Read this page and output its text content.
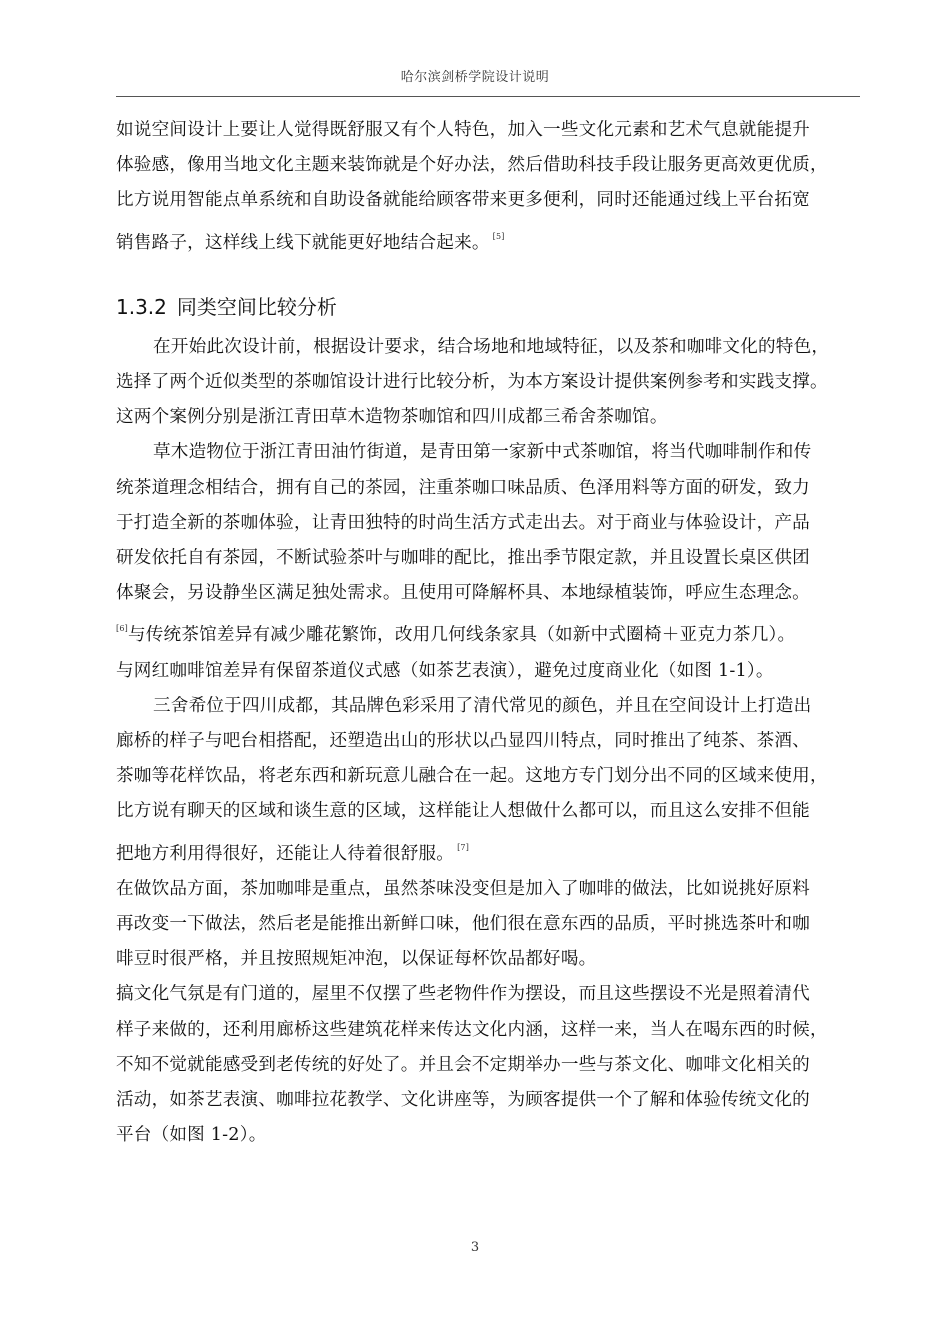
哈尔滨剑桥学院设计说明

如说空间设计上要让人觉得既舒服又有个人特色，加入一些文化元素和艺术气息就能提升

体验感，像用当地文化主题来装饰就是个好办法，然后借助科技手段让服务更高效更优质，

比方说用智能点单系统和自助设备就能给顾客带来更多便利，同时还能通过线上平台拓宽

销售路子，这样线上线下就能更好地结合起来。 [5]

1.3.2 同类空间比较分析

在开始此次设计前，根据设计要求，结合场地和地域特征，以及茶和咖啡文化的特色，

选择了两个近似类型的茶咖馆设计进行比较分析，为本方案设计提供案例参考和实践支撑。

这两个案例分别是浙江青田草木造物茶咖馆和四川成都三希舍茶咖馆。

草木造物位于浙江青田油竹街道，是青田第一家新中式茶咖馆，将当代咖啡制作和传

统茶道理念相结合，拥有自己的茶园，注重茶咖口味品质、色泽用料等方面的研发，致力

于打造全新的茶咖体验，让青田独特的时尚生活方式走出去。对于商业与体验设计，产品

研发依托自有茶园，不断试验茶叶与咖啡的配比，推出季节限定款，并且设置长桌区供团

体聚会，另设静坐区满足独处需求。且使用可降解杯具、本地绿植装饰，呼应生态理念。

[6]与传统茶馆差异有减少雕花繁饰，改用几何线条家具（如新中式圈椅＋亚克力茶几）。

与网红咖啡馆差异有保留茶道仪式感（如茶艺表演），避免过度商业化（如图 1-1）。

三舍希位于四川成都，其品牌色彩采用了清代常见的颜色，并且在空间设计上打造出

廊桥的样子与吧台相搭配，还塑造出山的形状以凸显四川特点，同时推出了纯茶、茶酒、

茶咖等花样饮品，将老东西和新玩意儿融合在一起。这地方专门划分出不同的区域来使用，

比方说有聊天的区域和谈生意的区域，这样能让人想做什么都可以，而且这么安排不但能

把地方利用得很好，还能让人待着很舒服。 [7]

在做饮品方面，茶加咖啡是重点，虽然茶味没变但是加入了咖啡的做法，比如说挑好原料

再改变一下做法，然后老是能推出新鲜口味，他们很在意东西的品质，平时挑选茶叶和咖

啡豆时很严格，并且按照规矩冲泡，以保证每杯饮品都好喝。

搞文化气氛是有门道的，屋里不仅摆了些老物件作为摆设，而且这些摆设不光是照着清代

样子来做的，还利用廊桥这些建筑花样来传达文化内涵，这样一来，当人在喝东西的时候，

不知不觉就能感受到老传统的好处了。并且会不定期举办一些与茶文化、咖啡文化相关的

活动，如茶艺表演、咖啡拉花教学、文化讲座等，为顾客提供一个了解和体验传统文化的

平台（如图 1-2）。

3
